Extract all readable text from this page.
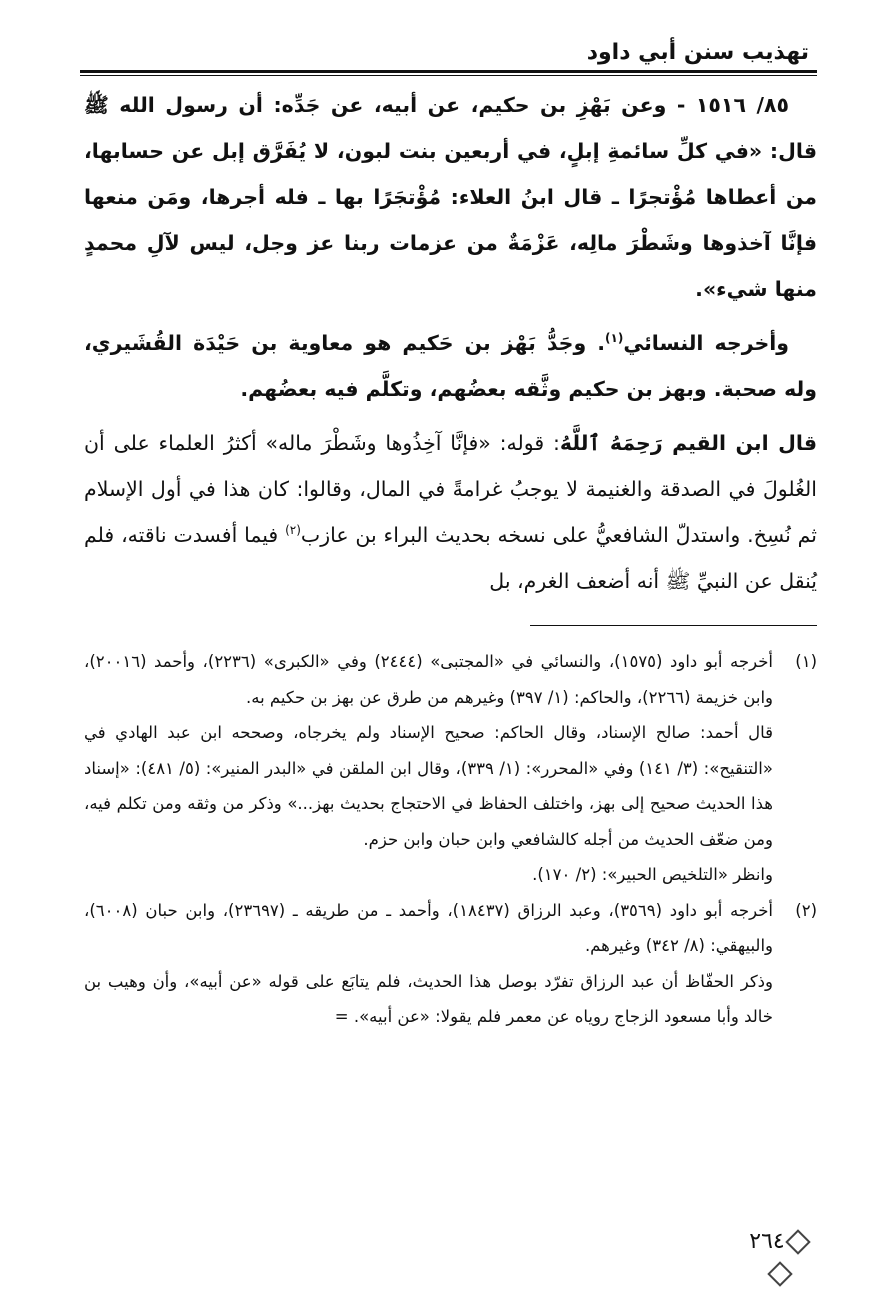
تهذيب سنن أبي داود

٨٥/ ١٥١٦ - وعن بَهْزِ بن حكيم، عن أبيه، عن جَدِّه: أن رسول الله ﷺ قال: «في كلِّ سائمةِ إبلٍ، في أربعين بنت لبون، لا يُفَرَّق إبل عن حسابها، من أعطاها مُؤْتجرًا ـ قال ابنُ العلاء: مُؤْتجَرًا بها ـ فله أجرها، ومَن منعها فإنَّا آخذوها وشَطْرَ مالِه، عَزْمَةٌ من عزمات ربنا عز وجل، ليس لآلِ محمدٍ منها شيء».

وأخرجه النسائي$^{(١)}$. وجَدُّ بَهْز بن حَكيم هو معاوية بن حَيْدَة القُشَيري، وله صحبة. وبهز بن حكيم وثَّقه بعضُهم، وتكلَّم فيه بعضُهم.

قال ابن القيم رَحِمَهُ ٱللَّهُ: قوله: «فإنَّا آخِذُوها وشَطْرَ ماله» أكثرُ العلماء على أن الغُلولَ في الصدقة والغنيمة لا يوجبُ غرامةً في المال، وقالوا: كان هذا في أول الإسلام ثم نُسِخ. واستدلّ الشافعيُّ على نسخه بحديث البراء بن عازب$^{(٢)}$ فيما أفسدت ناقته، فلم يُنقل عن النبيِّ ﷺ أنه أضعف الغرم، بل

(١)

أخرجه أبو داود (١٥٧٥)، والنسائي في «المجتبى» (٢٤٤٤) وفي «الكبرى» (٢٢٣٦)، وأحمد (٢٠٠١٦)، وابن خزيمة (٢٢٦٦)، والحاكم: (١/ ٣٩٧) وغيرهم من طرق عن بهز بن حكيم به.

قال أحمد: صالح الإسناد، وقال الحاكم: صحيح الإسناد ولم يخرجاه، وصححه ابن عبد الهادي في «التنقيح»: (٣/ ١٤١) وفي «المحرر»: (١/ ٣٣٩)، وقال ابن الملقن في «البدر المنير»: (٥/ ٤٨١): «إسناد هذا الحديث صحيح إلى بهز، واختلف الحفاظ في الاحتجاج بحديث بهز...» وذكر من وثقه ومن تكلم فيه، ومن ضعّف الحديث من أجله كالشافعي وابن حبان وابن حزم.

وانظر «التلخيص الحبير»: (٢/ ١٧٠).

(٢)

أخرجه أبو داود (٣٥٦٩)، وعبد الرزاق (١٨٤٣٧)، وأحمد ـ من طريقه ـ (٢٣٦٩٧)، وابن حبان (٦٠٠٨)، والبيهقي: (٨/ ٣٤٢) وغيرهم.

وذكر الحفّاظ أن عبد الرزاق تفرّد بوصل هذا الحديث، فلم يتابَع على قوله «عن أبيه»، وأن وهيب بن خالد وأبا مسعود الزجاج روياه عن معمر فلم يقولا: «عن أبيه». =

٢٦٤
